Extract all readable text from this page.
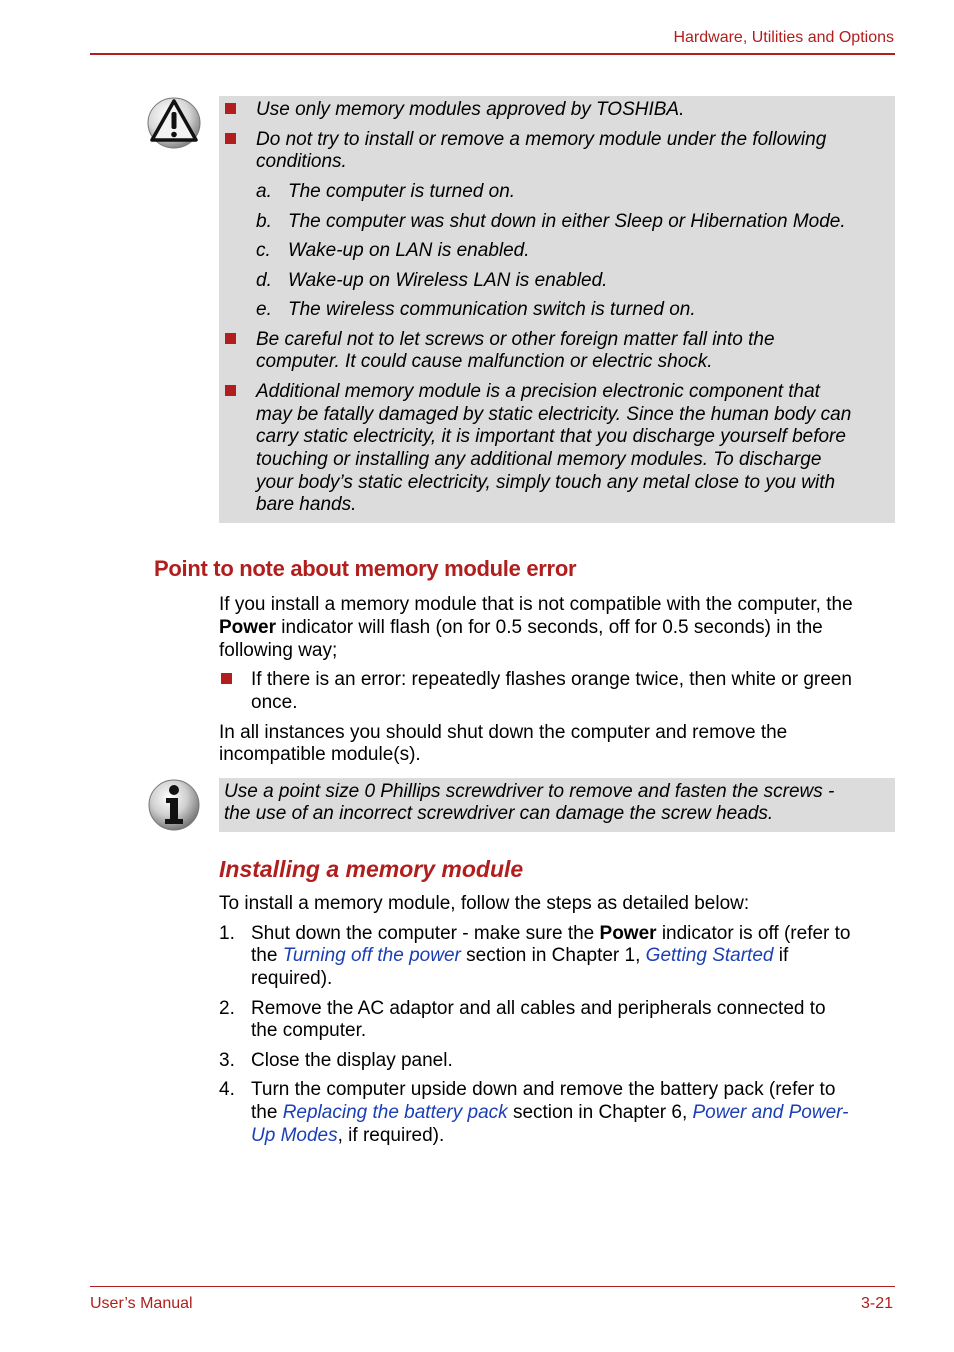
Hardware, Utilities and Options
Use only memory modules approved by TOSHIBA.
Do not try to install or remove a memory module under the following
conditions.
a. The computer is turned on.
b. The computer was shut down in either Sleep or Hibernation Mode.
c. Wake-up on LAN is enabled.
d. Wake-up on Wireless LAN is enabled.
e. The wireless communication switch is turned on.
Be careful not to let screws or other foreign matter fall into the
computer. It could cause malfunction or electric shock.
Additional memory module is a precision electronic component that
may be fatally damaged by static electricity. Since the human body can
carry static electricity, it is important that you discharge yourself before
touching or installing any additional memory modules. To discharge
your body’s static electricity, simply touch any metal close to you with
bare hands.
Point to note about memory module error
If you install a memory module that is not compatible with the computer, the
Power indicator will flash (on for 0.5 seconds, off for 0.5 seconds) in the
following way;
If there is an error: repeatedly flashes orange twice, then white or green
once.
In all instances you should shut down the computer and remove the
incompatible module(s).
Use a point size 0 Phillips screwdriver to remove and fasten the screws -
the use of an incorrect screwdriver can damage the screw heads.
Installing a memory module
To install a memory module, follow the steps as detailed below:
1. Shut down the computer - make sure the Power indicator is off (refer to
the Turning off the power section in Chapter 1, Getting Started if
required).
2. Remove the AC adaptor and all cables and peripherals connected to
the computer.
3. Close the display panel.
4. Turn the computer upside down and remove the battery pack (refer to
the Replacing the battery pack section in Chapter 6, Power and Power-
Up Modes, if required).
User’s Manual	3-21
